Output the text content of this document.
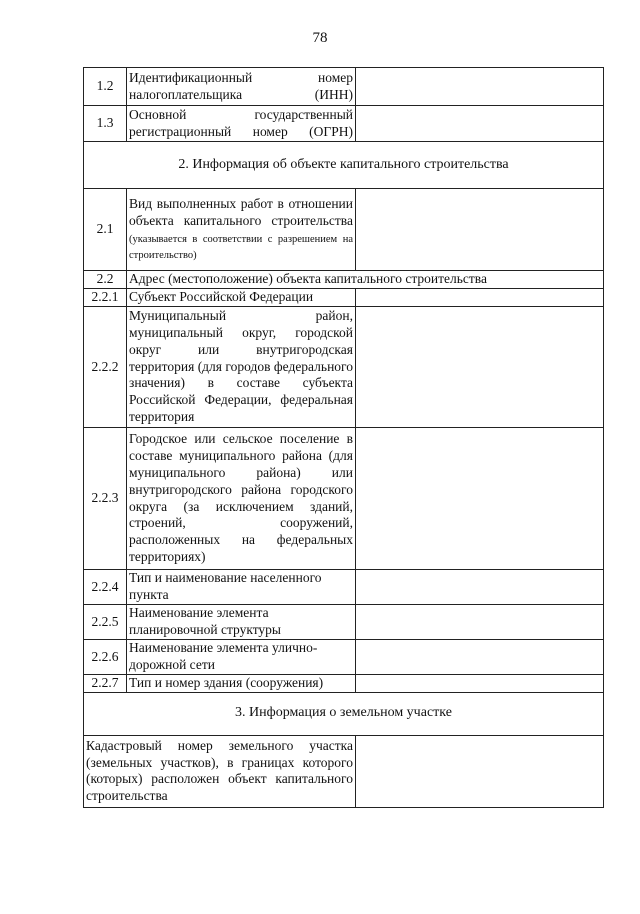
78
1.2	Идентификационный номер налогоплательщика (ИНН)	
1.3	Основной государственный регистрационный номер (ОГРН)	
2. Информация об объекте капитального строительства		
2.1	Вид выполненных работ в отношении объекта капитального строительства (указывается в соответствии с разрешением на строительство)	
2.2	Адрес (местоположение) объекта капитального строительства	
2.2.1	Субъект Российской Федерации	
2.2.2	Муниципальный район, муниципальный округ, городской округ или внутригородская территория (для городов федерального значения) в составе субъекта Российской Федерации, федеральная территория	
2.2.3	Городское или сельское поселение в составе муниципального района (для муниципального района) или внутригородского района городского округа (за исключением зданий, строений, сооружений, расположенных на федеральных территориях)	
2.2.4	Тип и наименование населенного пункта	
2.2.5	Наименование элемента планировочной структуры	
2.2.6	Наименование элемента улично-дорожной сети	
2.2.7	Тип и номер здания (сооружения)	
3. Информация о земельном участке		
Кадастровый номер земельного участка (земельных участков), в границах которого (которых) расположен объект капитального строительства		
